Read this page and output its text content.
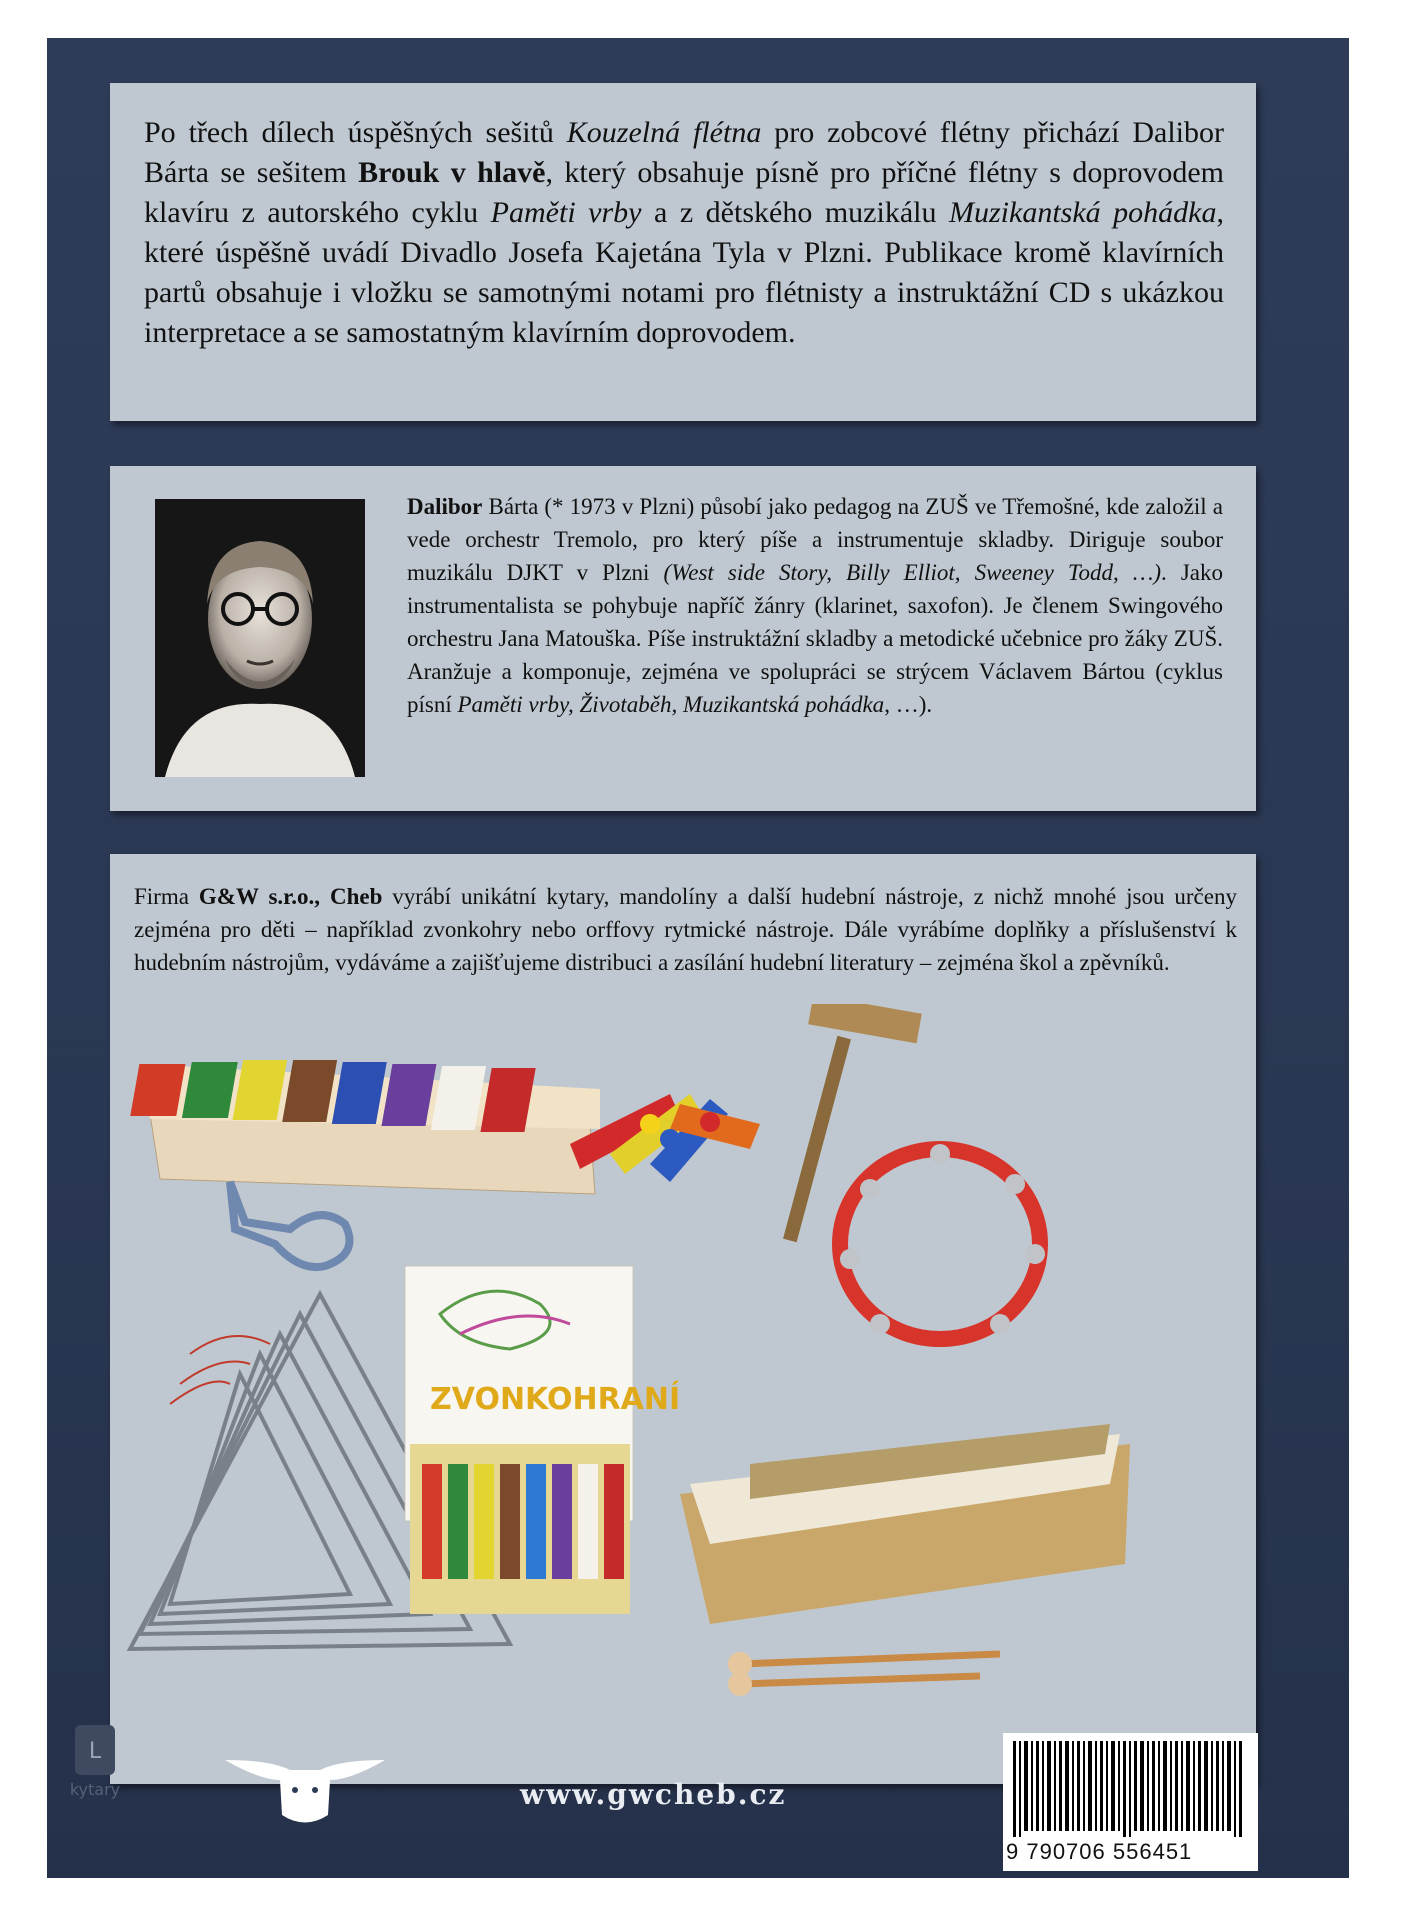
Po třech dílech úspěšných sešitů Kouzelná flétna pro zobcové flétny přichází Dalibor Bárta se sešitem Brouk v hlavě, který obsahuje písně pro příčné flétny s doprovodem klavíru z autorského cyklu Paměti vrby a z dětského muzikálu Muzikantská pohádka, které úspěšně uvádí Divadlo Josefa Kajetána Tyla v Plzni. Publikace kromě klavírních partů obsahuje i vložku se samotnými notami pro flétnisty a instruktážní CD s ukázkou interpretace a se samostatným klavírním doprovodem.
Dalibor Bárta (* 1973 v Plzni) působí jako pedagog na ZUŠ ve Třemošné, kde založil a vede orchestr Tremolo, pro který píše a instrumentuje skladby. Diriguje soubor muzikálu DJKT v Plzni (West side Story, Billy Elliot, Sweeney Todd, …). Jako instrumentalista se pohybuje napříč žánry (klarinet, saxofon). Je členem Swingového orchestru Jana Matouška. Píše instruktážní skladby a metodické učebnice pro žáky ZUŠ. Aranžuje a komponuje, zejména ve spolupráci se strýcem Václavem Bártou (cyklus písní Paměti vrby, Životaběh, Muzikantská pohádka, …).
Firma G&W s.r.o., Cheb vyrábí unikátní kytary, mandolíny a další hudební nástroje, z nichž mnohé jsou určeny zejména pro děti – například zvonkohry nebo orffovy rytmické nástroje. Dále vyrábíme doplňky a příslušenství k hudebním nástrojům, vydáváme a zajišťujeme distribuci a zasílání hudební literatury – zejména škol a zpěvníků.
ZVONKOHRANÍ
L
kytary	www.gwcheb.cz
9 790706 556451
